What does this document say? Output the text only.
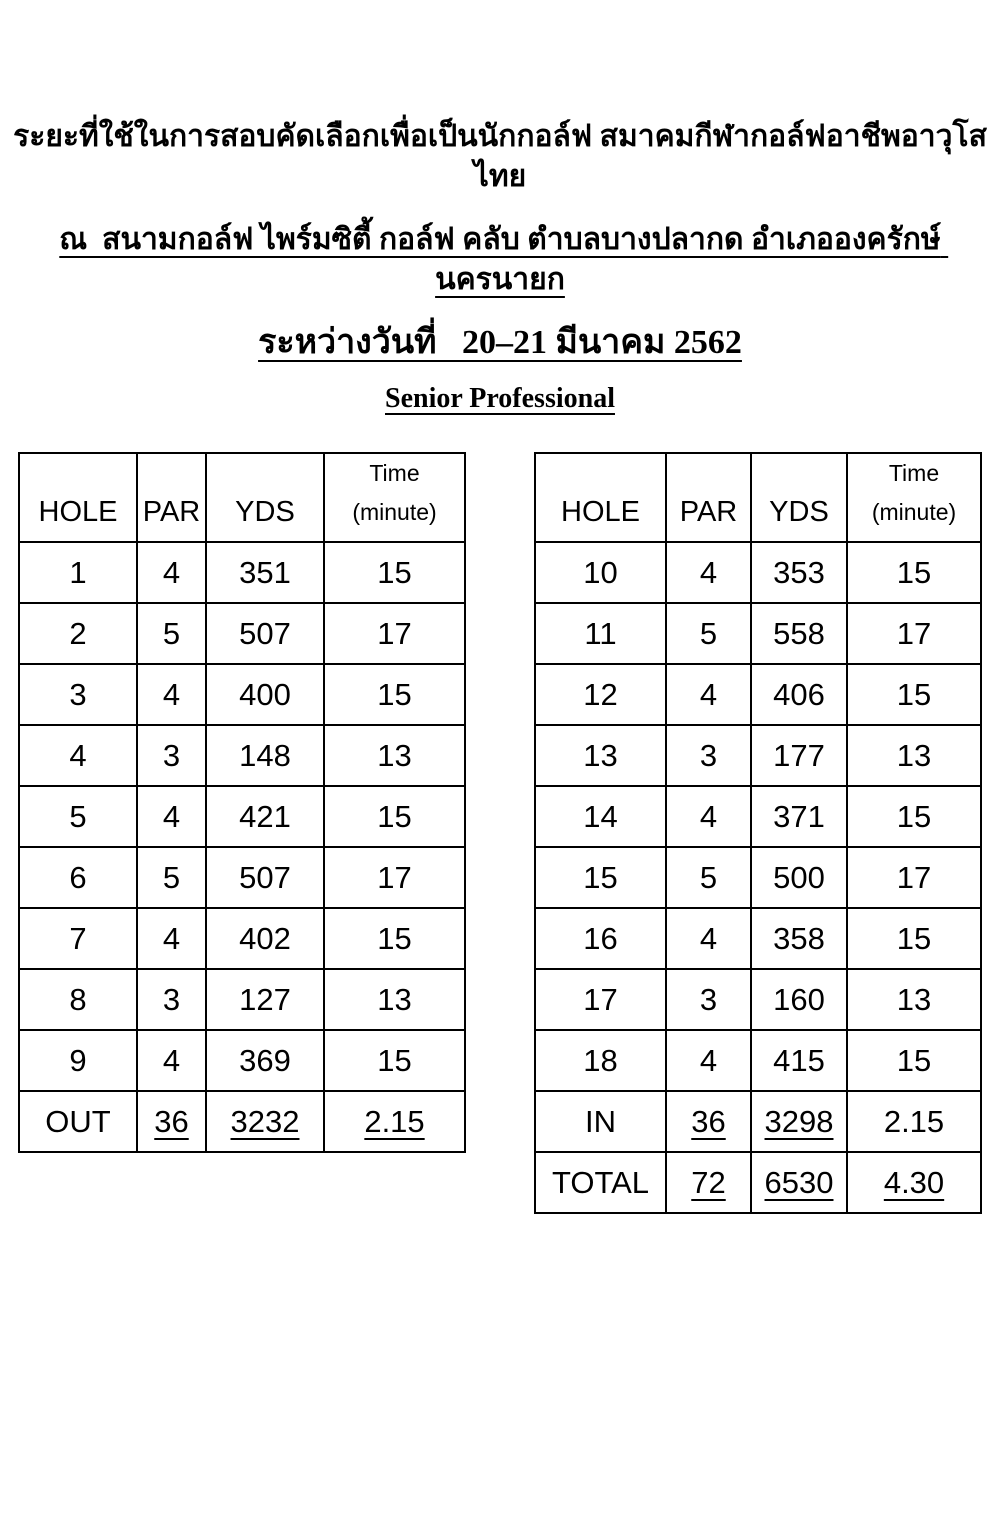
ระยะที่ใช้ในการสอบคัดเลือกเพื่อเป็นนักกอล์ฟ สมาคมกีฬากอล์ฟอาชีพอาวุโสไทย
ณ  สนามกอล์ฟ ไพร์มซิตี้ กอล์ฟ คลับ ตำบลบางปลากด อำเภอองครักษ์ นครนายก
ระหว่างวันที่   20–21 มีนาคม 2562
Senior Professional
HOLE	PAR	YDS	Time
(minute)

1	4	351	15
2	5	507	17
3	4	400	15
4	3	148	13
5	4	421	15
6	5	507	17
7	4	402	15
8	3	127	13
9	4	369	15
OUT	36	3232	2.15
HOLE	PAR	YDS	Time
(minute)

10	4	353	15
11	5	558	17
12	4	406	15
13	3	177	13
14	4	371	15
15	5	500	17
16	4	358	15
17	3	160	13
18	4	415	15
IN	36	3298	2.15
TOTAL	72	6530	4.30
